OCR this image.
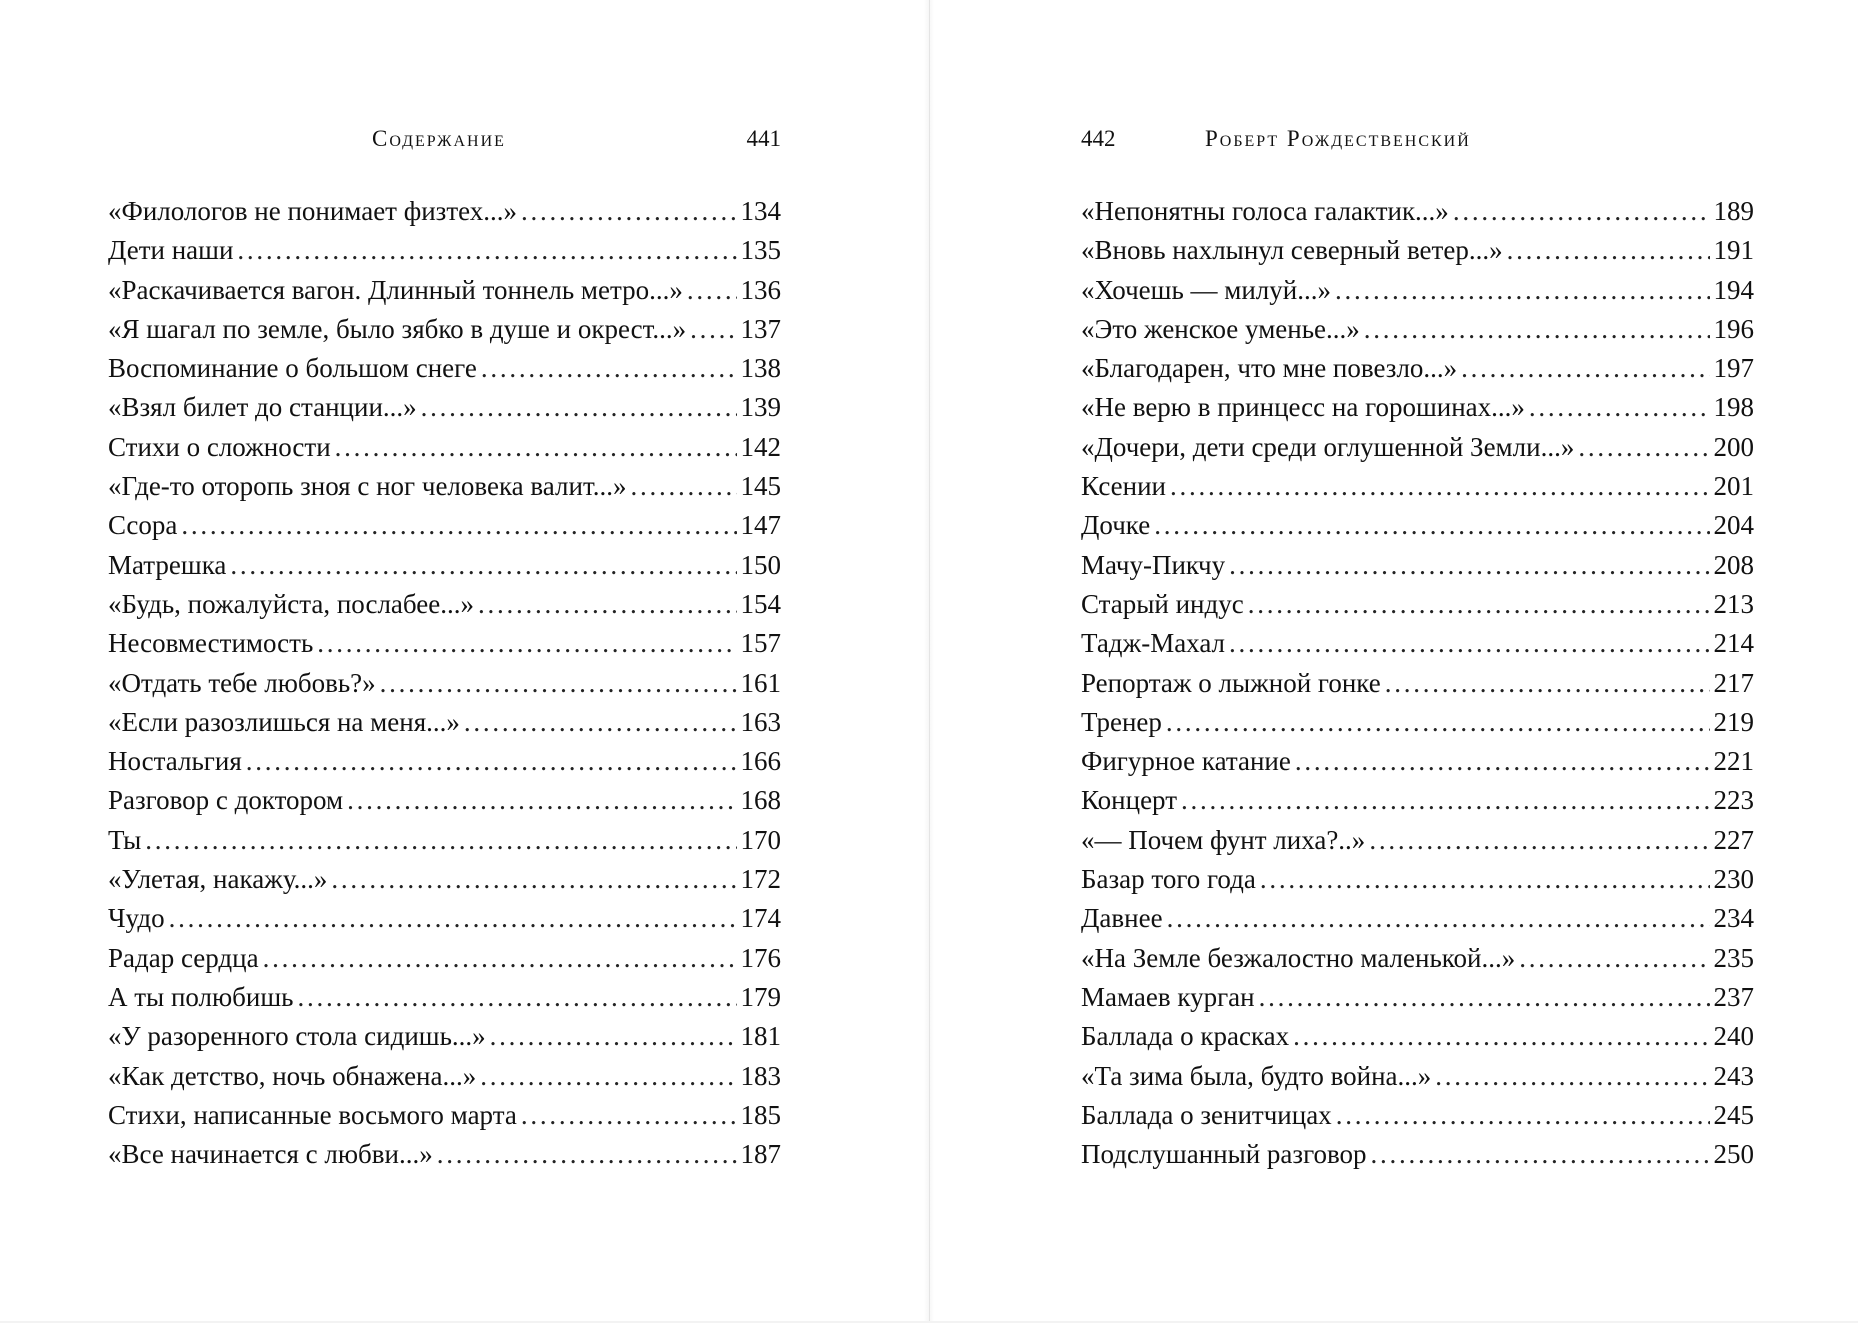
Содержание	441
«Филологов не понимает физтех...» . . .	134
Дети наши . . .	135
«Раскачивается вагон. Длинный тоннель метро...» . . . 136
«Я шагал по земле, было зябко в душе и окрест...» . . . 137
Воспоминание о большом снеге . . .	138
«Взял билет до станции...» . . .	139
Стихи о сложности . . .	142
«Где-то оторопь зноя с ног человека валит...» . . .	145
Ссора . . .	147
Матрешка . . .	150
«Будь, пожалуйста, послабее...» . . .	154
Несовместимость . . .	157
«Отдать тебе любовь?» . . .	161
«Если разозлишься на меня...» . . .	163
Ностальгия . . .	166
Разговор с доктором . . .	168
Ты . . .	170
«Улетая, накажу...» . . .	172
Чудо . . .	174
Радар сердца . . .	176
А ты полюбишь . . .	179
«У разоренного стола сидишь...» . . .	181
«Как детство, ночь обнажена...» . . .	183
Стихи, написанные восьмого марта . . .	185
«Все начинается с любви...» . . .	187
442	Роберт Рождественский
«Непонятны голоса галактик...» . . .	189
«Вновь нахлынул северный ветер...» . . .	191
«Хочешь — милуй...» . . .	194
«Это женское уменье...» . . .	196
«Благодарен, что мне повезло...» . . .	197
«Не верю в принцесс на горошинах...» . . .	198
«Дочери, дети среди оглушенной Земли...» . . .	200
Ксении . . .	201
Дочке . . .	204
Мачу-Пикчу . . .	208
Старый индус . . .	213
Тадж-Махал . . .	214
Репортаж о лыжной гонке . . .	217
Тренер . . .	219
Фигурное катание . . .	221
Концерт . . .	223
«— Почем фунт лиха?..» . . .	227
Базар того года . . .	230
Давнее . . .	234
«На Земле безжалостно маленькой...» . . .	235
Мамаев курган . . .	237
Баллада о красках . . .	240
«Та зима была, будто война...» . . .	243
Баллада о зенитчицах . . .	245
Подслушанный разговор . . .	250
